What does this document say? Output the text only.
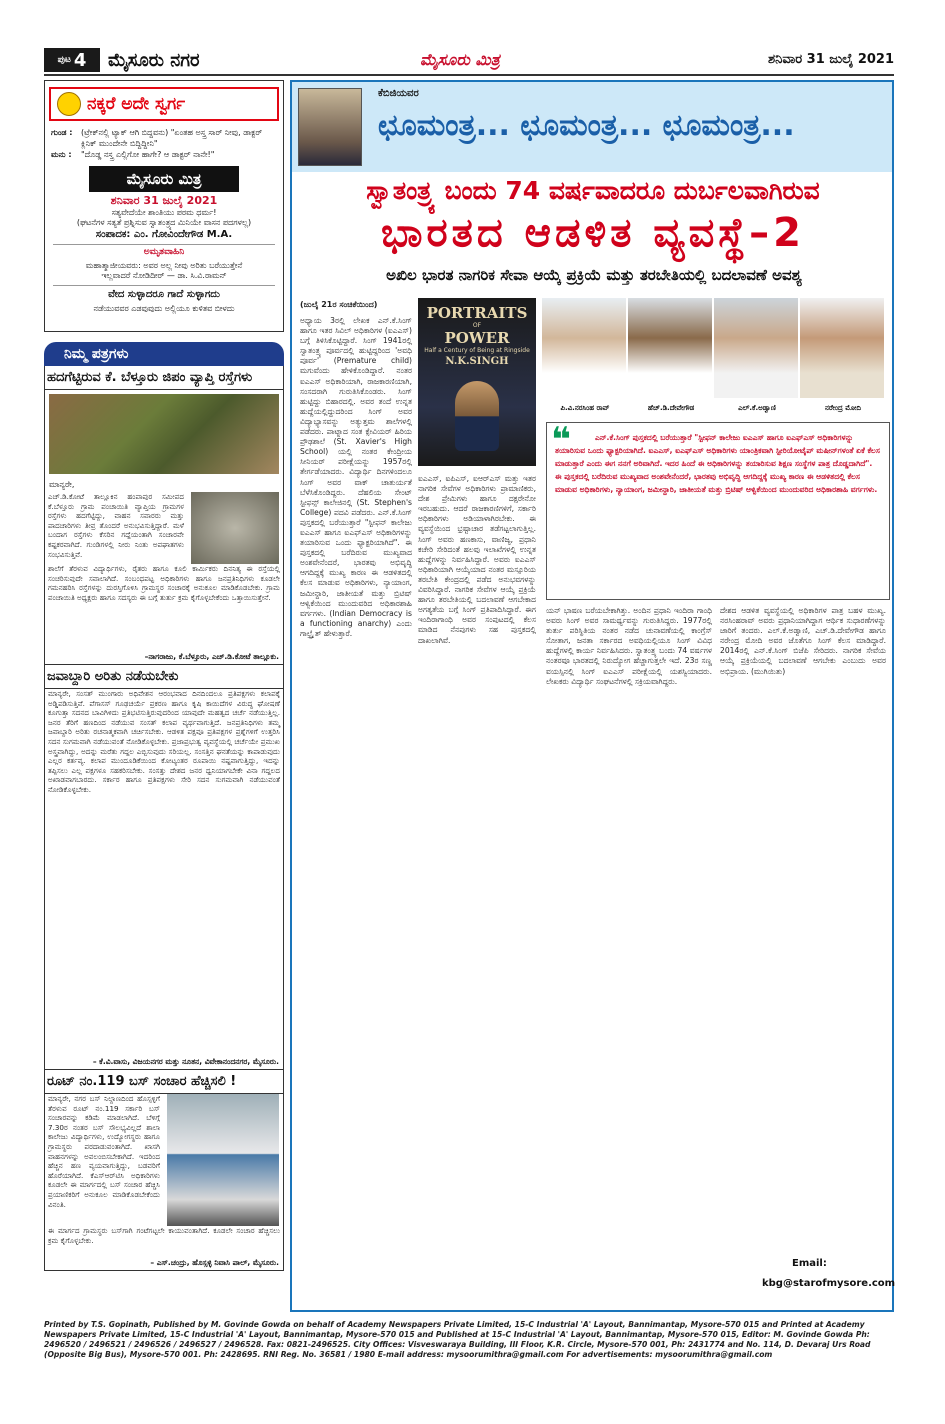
ಪುಟ 4 ಮೈಸೂರು ನಗರ	ಮೈಸೂರು ಮಿತ್ರ	ಶನಿವಾರ 31 ಜುಲೈ 2021
ನಕ್ಕರೆ ಅದೇ ಸ್ವರ್ಗ
ಗುಂಡ :	(ಟ್ರೇಕ್‌ನಲ್ಲಿ ಟ್ಯಾಕ್ ಆಗಿ ಬಿದ್ದವನು) "ಏಂತಹ ಅಸ್ತ್ರ ಸಾರ್ ನೀವು, ಡಾಕ್ಟರ್ ಕ್ಲಿನಿಕ್ ಮುಂದೇನೇ ಬಿದ್ದಿದ್ದೀನಿ"
ಮನು :	"ದೊಡ್ಡ ನಸ್ತ್ರ ಎಲ್ಲಿಗೋ ಹಾಗೇ? ಆ ಡಾಕ್ಟರ್ ನಾನೇ!"
ಮೈಸೂರು ಮಿತ್ರ
ಶನಿವಾರ 31 ಜುಲೈ 2021
ಸತ್ಯವೇದೆಯೇ ಶಾಂತಿಯು ಪರಮ ಧರ್ಮ!
(ಘಟನೆಗಳ ಸತ್ಯತೆ ಪ್ರಶ್ನಿಸುವ ಸ್ವಾತಂತ್ರ್ಯದ ಮಿನಿಯೇ ವಾಸನ ಪದಗಳಲ್ಲ)
ಸಂಪಾದಕ: ಎಂ. ಗೋವಿಂದೇಗೌಡ M.A.
ಅಮೃತವಾಹಿನಿ
ಮಹಾತ್ಮಾಜೀಯವರು: ಅವರ ಅಲ್ಲ ನೀವು ಅರಿತು ಬರೆಯುತ್ತೇನೆ
ಇಲ್ಲವಾದರೆ ನೋಡಿದೀರ್ — ಡಾ. ಸಿ.ವಿ.ರಾಮನ್
ವೇದ ಸುಳ್ಳಾದರೂ ಗಾದೆ ಸುಳ್ಳಾಗದು
ನಡೆಯುವವರ ಎಡವುವುದು ಅಲ್ಲಿಯೂ ಕುಳಿತವ ಬೀಳದು
ನಿಮ್ಮ ಪತ್ರಗಳು
ಹದಗೆಟ್ಟಿರುವ ಕೆ. ಬೆಳ್ತೂರು ಜಿಪಂ ವ್ಯಾಪ್ತಿ ರಸ್ತೆಗಳು
ಮಾನ್ಯರೇ,
ಎಚ್.ಡಿ.ಕೋಟೆ ತಾಲ್ಲೂಕಿನ ಹಂಪಾಪುರ ಸಮೀಪದ ಕೆ.ಬೆಳ್ತೂರು ಗ್ರಾಮ ಪಂಚಾಯಿತಿ ವ್ಯಾಪ್ತಿಯ ಗ್ರಾಮಗಳ ರಸ್ತೆಗಳು ಹದಗೆಟ್ಟಿದ್ದು, ವಾಹನ ಸವಾರರು ಮತ್ತು ಪಾದಚಾರಿಗಳು ತೀವ್ರ ತೊಂದರೆ ಅನುಭವಿಸುತ್ತಿದ್ದಾರೆ. ಮಳೆ ಬಂದಾಗ ರಸ್ತೆಗಳು ಕೆಸರಿನ ಗದ್ದೆಯಂತಾಗಿ ಸಂಚಾರವೇ ಕಷ್ಟಕರವಾಗಿದೆ. ಗುಂಡಿಗಳಲ್ಲಿ ನೀರು ನಿಂತು ಅಪಘಾತಗಳು ಸಂಭವಿಸುತ್ತಿವೆ.
ಶಾಲೆಗೆ ತೆರಳುವ ವಿದ್ಯಾರ್ಥಿಗಳು, ರೈತರು ಹಾಗೂ ಕೂಲಿ ಕಾರ್ಮಿಕರು ದಿನನಿತ್ಯ ಈ ರಸ್ತೆಯಲ್ಲಿ ಸಂಚರಿಸುವುದೇ ಸವಾಲಾಗಿದೆ. ಸಂಬಂಧಪಟ್ಟ ಅಧಿಕಾರಿಗಳು ಹಾಗೂ ಜನಪ್ರತಿನಿಧಿಗಳು ಕೂಡಲೇ ಗಮನಹರಿಸಿ ರಸ್ತೆಗಳನ್ನು ದುರಸ್ತಿಗೊಳಿಸಿ ಗ್ರಾಮಸ್ಥರ ಸಂಚಾರಕ್ಕೆ ಅನುಕೂಲ ಮಾಡಿಕೊಡಬೇಕು. ಗ್ರಾಮ ಪಂಚಾಯಿತಿ ಅಧ್ಯಕ್ಷರು ಹಾಗೂ ಸದಸ್ಯರು ಈ ಬಗ್ಗೆ ತುರ್ತು ಕ್ರಮ ಕೈಗೊಳ್ಳಬೇಕೆಂದು ಒತ್ತಾಯಿಸುತ್ತೇನೆ.
–ನಾಗರಾಜು, ಕೆ.ಬೆಳ್ತೂರು, ಎಚ್.ಡಿ.ಕೋಟೆ ತಾಲ್ಲೂಕು.
ಜವಾಬ್ದಾರಿ ಅರಿತು ನಡೆಯಬೇಕು
ಮಾನ್ಯರೇ, ಸಂಸತ್ ಮುಂಗಾರು ಅಧಿವೇಶನ ಆರಂಭವಾದ ದಿನದಿಂದಲೂ ಪ್ರತಿಪಕ್ಷಗಳು ಕಲಾಪಕ್ಕೆ ಅಡ್ಡಿಪಡಿಸುತ್ತಿವೆ. ಪೆಗಾಸಸ್ ಗೂಢಚರ್ಯೆ ಪ್ರಕರಣ ಹಾಗೂ ಕೃಷಿ ಕಾಯಿದೆಗಳ ವಿರುದ್ಧ ಘೋಷಣೆ ಕೂಗುತ್ತಾ ಸದನದ ಬಾವಿಗಿಳಿದು ಪ್ರತಿಭಟಿಸುತ್ತಿರುವುದರಿಂದ ಯಾವುದೇ ಮಹತ್ವದ ಚರ್ಚೆ ನಡೆಯುತ್ತಿಲ್ಲ. ಜನರ ತೆರಿಗೆ ಹಣದಿಂದ ನಡೆಯುವ ಸಂಸತ್ ಕಲಾಪ ವ್ಯರ್ಥವಾಗುತ್ತಿದೆ. ಜನಪ್ರತಿನಿಧಿಗಳು ತಮ್ಮ ಜವಾಬ್ದಾರಿ ಅರಿತು ರಚನಾತ್ಮಕವಾಗಿ ಚರ್ಚಿಸಬೇಕು. ಆಡಳಿತ ಪಕ್ಷವೂ ಪ್ರತಿಪಕ್ಷಗಳ ಪ್ರಶ್ನೆಗಳಿಗೆ ಉತ್ತರಿಸಿ ಸದನ ಸುಗಮವಾಗಿ ನಡೆಯುವಂತೆ ನೋಡಿಕೊಳ್ಳಬೇಕು. ಪ್ರಜಾಪ್ರಭುತ್ವ ವ್ಯವಸ್ಥೆಯಲ್ಲಿ ಚರ್ಚೆಯೇ ಪ್ರಮುಖ ಅಸ್ತ್ರವಾಗಿದ್ದು, ಅದನ್ನು ಮರೆತು ಗದ್ದಲ ಎಬ್ಬಿಸುವುದು ಸರಿಯಲ್ಲ. ಸಂಸತ್ತಿನ ಘನತೆಯನ್ನು ಕಾಪಾಡುವುದು ಎಲ್ಲರ ಕರ್ತವ್ಯ. ಕಲಾಪ ಮುಂದೂಡಿಕೆಯಿಂದ ಕೋಟ್ಯಂತರ ರೂಪಾಯಿ ನಷ್ಟವಾಗುತ್ತಿದ್ದು, ಇದನ್ನು ತಪ್ಪಿಸಲು ಎಲ್ಲ ಪಕ್ಷಗಳೂ ಸಹಕರಿಸಬೇಕು. ಸಂಸತ್ತು ದೇಶದ ಜನರ ಧ್ವನಿಯಾಗಬೇಕೇ ವಿನಾ ಗದ್ದಲದ ಅಖಾಡವಾಗಬಾರದು. ಸರ್ಕಾರ ಹಾಗೂ ಪ್ರತಿಪಕ್ಷಗಳು ಸೇರಿ ಸದನ ಸುಗಮವಾಗಿ ನಡೆಯುವಂತೆ ನೋಡಿಕೊಳ್ಳಬೇಕು.
– ಕೆ.ವಿ.ವಾಸು, ವಿಜಯನಗರ ಮತ್ತು ನೂತನ, ವಿವೇಕಾನಂದನಗರ, ಮೈಸೂರು.
ರೂಟ್ ನಂ.119 ಬಸ್ ಸಂಚಾರ ಹೆಚ್ಚಿಸಲಿ !
ಮಾನ್ಯರೇ, ನಗರ ಬಸ್ ನಿಲ್ದಾಣದಿಂದ ಹೊಸ್ಸಳ್ಳಿಗೆ ತೆರಳುವ ರೂಟ್ ನಂ.119 ಸರ್ಕಾರಿ ಬಸ್ ಸಂಚಾರವನ್ನು ಕಡಿಮೆ ಮಾಡಲಾಗಿದೆ. ಬೆಳಿಗ್ಗೆ 7.30ರ ನಂತರ ಬಸ್ ಸೌಲಭ್ಯವಿಲ್ಲದೆ ಶಾಲಾ ಕಾಲೇಜು ವಿದ್ಯಾರ್ಥಿಗಳು, ಉದ್ಯೋಗಸ್ಥರು ಹಾಗೂ ಗ್ರಾಮಸ್ಥರು ಪರದಾಡುವಂತಾಗಿದೆ. ಖಾಸಗಿ ವಾಹನಗಳನ್ನು ಅವಲಂಬಿಸಬೇಕಾಗಿದೆ. ಇದರಿಂದ ಹೆಚ್ಚಿನ ಹಣ ವ್ಯಯವಾಗುತ್ತಿದ್ದು, ಬಡವರಿಗೆ ಹೊರೆಯಾಗಿದೆ. ಕೆಎಸ್ಆರ್‌ಟಿಸಿ ಅಧಿಕಾರಿಗಳು ಕೂಡಲೇ ಈ ಮಾರ್ಗದಲ್ಲಿ ಬಸ್ ಸಂಚಾರ ಹೆಚ್ಚಿಸಿ ಪ್ರಯಾಣಿಕರಿಗೆ ಅನುಕೂಲ ಮಾಡಿಕೊಡಬೇಕೆಂದು ವಿನಂತಿ.
ಈ ಮಾರ್ಗದ ಗ್ರಾಮಸ್ಥರು ಬಸ್‌ಗಾಗಿ ಗಂಟೆಗಟ್ಟಲೇ ಕಾಯುವಂತಾಗಿದೆ. ಕೂಡಲೇ ಸಂಚಾರ ಹೆಚ್ಚಿಸಲು ಕ್ರಮ ಕೈಗೊಳ್ಳಬೇಕು.
– ಎಸ್.ಚಂದ್ರು, ಹೊಸ್ಸಳ್ಳಿ ನಿವಾಸಿ ಪಾಲ್, ಮೈಸೂರು.
ಕೆಬಿಜಿಯವರ
ಛೂಮಂತ್ರ... ಛೂಮಂತ್ರ... ಛೂಮಂತ್ರ...
ಸ್ವಾತಂತ್ರ್ಯ ಬಂದು 74 ವರ್ಷವಾದರೂ ದುರ್ಬಲವಾಗಿರುವ
ಭಾರತದ ಆಡಳಿತ ವ್ಯವಸ್ಥೆ–2
ಅಖಿಲ ಭಾರತ ನಾಗರಿಕ ಸೇವಾ ಆಯ್ಕೆ ಪ್ರಕ್ರಿಯೆ ಮತ್ತು ತರಬೇತಿಯಲ್ಲಿ ಬದಲಾವಣೆ ಅವಶ್ಯ
(ಜುಲೈ 21ರ ಸಂಚಿಕೆಯಿಂದ)
ಅಧ್ಯಾಯ 3ರಲ್ಲಿ ಲೇಖಕ ಎನ್.ಕೆ.ಸಿಂಗ್ ಹಾಗೂ ಇತರ ಸಿವಿಲ್ ಅಧಿಕಾರಿಗಳ (ಐಎಎಸ್) ಬಗ್ಗೆ ತಿಳಿಸಿಕೊಟ್ಟಿದ್ದಾರೆ. ಸಿಂಗ್ 1941ರಲ್ಲಿ ಸ್ವಾತಂತ್ರ್ಯ ಪೂರ್ವದಲ್ಲಿ ಹುಟ್ಟಿದ್ದರಿಂದ 'ಅವಧಿ ಪೂರ್ವ' (Premature child) ಮಗುವೆಂದು ಹೇಳಿಕೊಂಡಿದ್ದಾರೆ. ನಂತರ ಐಎಎಸ್ ಅಧಿಕಾರಿಯಾಗಿ, ರಾಜಕಾರಣಿಯಾಗಿ, ಸಂಸದರಾಗಿ ಗುರುತಿಸಿಕೊಂಡರು. ಸಿಂಗ್ ಹುಟ್ಟಿದ್ದು ಬಿಹಾರದಲ್ಲಿ. ಅವರ ತಂದೆ ಉನ್ನತ ಹುದ್ದೆಯಲ್ಲಿದ್ದುದರಿಂದ ಸಿಂಗ್ ಅವರ ವಿದ್ಯಾಭ್ಯಾಸವನ್ನು ಅತ್ಯುತ್ತಮ ಶಾಲೆಗಳಲ್ಲಿ ಪಡೆದರು. ಪಾಟ್ನಾದ ಸಂತ ಕ್ಸೇವಿಯರ್ ಹಿರಿಯ ಪ್ರೌಢಶಾಲೆ (St. Xavier's High School) ಯಲ್ಲಿ ನಂತರ ಕೇಂದ್ರೀಯ ಸೀನಿಯರ್ ಪರೀಕ್ಷೆಯನ್ನು 1957ರಲ್ಲಿ ತೇರ್ಗಡೆಯಾದರು. ವಿದ್ಯಾರ್ಥಿ ದಿನಗಳಿಂದಲೂ ಸಿಂಗ್ ಅವರ ವಾಕ್ ಚಾತುರ್ಯತೆ ಬೆಳೆಸಿಕೊಂಡಿದ್ದರು. ದೆಹಲಿಯ ಸೇಂಟ್ ಸ್ಟೀಫನ್ಸ್ ಕಾಲೇಜಿನಲ್ಲಿ (St. Stephen's College) ಪದವಿ ಪಡೆದರು. ಎನ್.ಕೆ.ಸಿಂಗ್ ಪುಸ್ತಕದಲ್ಲಿ ಬರೆಯುತ್ತಾರೆ "ಸ್ಟೀಫನ್ ಕಾಲೇಜು ಐಎಎಸ್ ಹಾಗೂ ಐಎಫ್‌ಎಸ್ ಅಧಿಕಾರಿಗಳನ್ನು ತಯಾರಿಸುವ ಒಂದು ಫ್ಯಾಕ್ಟರಿಯಾಗಿದೆ". ಈ ಪುಸ್ತಕದಲ್ಲಿ ಬರೆದಿರುವ ಮುಖ್ಯವಾದ ಅಂಶವೇನೆಂದರೆ, ಭಾರತವು ಅಭಿವೃದ್ಧಿ ಆಗದಿದ್ದಕ್ಕೆ ಮುಖ್ಯ ಕಾರಣ ಈ ಆಡಳಿತದಲ್ಲಿ ಕೆಲಸ ಮಾಡುವ ಅಧಿಕಾರಿಗಳು, ನ್ಯಾಯಾಂಗ, ಜಮೀನ್ದಾರಿ, ಜಾತೀಯತೆ ಮತ್ತು ಬ್ರಿಟಿಷ್ ಆಳ್ವಿಕೆಯಿಂದ ಮುಂದುವರಿದ ಅಧಿಕಾರಶಾಹಿ ವರ್ಗಗಳು. (Indian Democracy is a functioning anarchy) ಎಂದು ಗಾಲ್ಬ್ರೈತ್ ಹೇಳುತ್ತಾರೆ.
PORTRAITS
OF
POWER
Half a Century of Being at Ringside
N.K.SINGH
ಐಎಎಸ್, ಐಪಿಎಸ್, ಐಆರ್‌ಎಸ್ ಮತ್ತು ಇತರ ನಾಗರಿಕ ಸೇವೆಗಳ ಅಧಿಕಾರಿಗಳು ಪ್ರಾಮಾಣಿಕರು, ದೇಶ ಪ್ರೇಮಿಗಳು ಹಾಗೂ ದಕ್ಷರೇನೋ ಇರಬಹುದು. ಆದರೆ ರಾಜಕಾರಣಿಗಳಿಗೆ, ಸರ್ಕಾರಿ ಅಧಿಕಾರಿಗಳು ಅಡಿಯಾಳಾಗಿರಬೇಕು. ಈ ವ್ಯವಸ್ಥೆಯಿಂದ ಭ್ರಷ್ಟಾಚಾರ ತಡೆಗಟ್ಟಲಾಗುತ್ತಿಲ್ಲ. ಸಿಂಗ್ ಅವರು ಹಣಕಾಸು, ವಾಣಿಜ್ಯ, ಪ್ರಧಾನಿ ಕಚೇರಿ ಸೇರಿದಂತೆ ಹಲವು ಇಲಾಖೆಗಳಲ್ಲಿ ಉನ್ನತ ಹುದ್ದೆಗಳನ್ನು ನಿರ್ವಹಿಸಿದ್ದಾರೆ. ಅವರು ಐಎಎಸ್ ಅಧಿಕಾರಿಯಾಗಿ ಆಯ್ಕೆಯಾದ ನಂತರ ಮಸ್ಸೂರಿಯ ತರಬೇತಿ ಕೇಂದ್ರದಲ್ಲಿ ಪಡೆದ ಅನುಭವಗಳನ್ನು ವಿವರಿಸಿದ್ದಾರೆ. ನಾಗರಿಕ ಸೇವೆಗಳ ಆಯ್ಕೆ ಪ್ರಕ್ರಿಯೆ ಹಾಗೂ ತರಬೇತಿಯಲ್ಲಿ ಬದಲಾವಣೆ ಆಗಬೇಕಾದ ಅಗತ್ಯತೆಯ ಬಗ್ಗೆ ಸಿಂಗ್ ಪ್ರತಿಪಾದಿಸಿದ್ದಾರೆ. ಈಗ ಇಂದಿರಾಗಾಂಧಿ ಅವರ ಸಂಪುಟದಲ್ಲಿ ಕೆಲಸ ಮಾಡಿದ ನೆನಪುಗಳು ಸಹ ಪುಸ್ತಕದಲ್ಲಿ ದಾಖಲಾಗಿವೆ.
ಪಿ.ವಿ.ನರಸಿಂಹ ರಾವ್	ಹೆಚ್.ಡಿ.ದೇವೇಗೌಡ	ಎಲ್.ಕೆ.ಅಡ್ವಾಣಿ	ನರೇಂದ್ರ ಮೋದಿ
❝	ಎನ್.ಕೆ.ಸಿಂಗ್ ಪುಸ್ತಕದಲ್ಲಿ ಬರೆಯುತ್ತಾರೆ "ಸ್ಟೀಫನ್ ಕಾಲೇಜು ಐಎಎಸ್ ಹಾಗೂ ಐಎಫ್‌ಎಸ್ ಅಧಿಕಾರಿಗಳನ್ನು ತಯಾರಿಸುವ ಒಂದು ಫ್ಯಾಕ್ಟರಿಯಾಗಿದೆ. ಐಎಎಸ್, ಐಎಫ್‌ಎಸ್ ಅಧಿಕಾರಿಗಳು ಯಾಂತ್ರಿಕವಾಗಿ ಸ್ಟೀರಿಯೋಟೈಪ್ ಮಷೀನ್‌ಗಳಂತೆ ಏಕೆ ಕೆಲಸ ಮಾಡುತ್ತಾರೆ ಎಂದು ಈಗ ನನಗೆ ಅರಿವಾಗಿದೆ. ಇದರ ಹಿಂದೆ ಈ ಅಧಿಕಾರಿಗಳನ್ನು ತಯಾರಿಸುವ ಶಿಕ್ಷಣ ಸಂಸ್ಥೆಗಳ ಪಾತ್ರ ದೊಡ್ಡದಾಗಿದೆ". ಈ ಪುಸ್ತಕದಲ್ಲಿ ಬರೆದಿರುವ ಮುಖ್ಯವಾದ ಅಂಶವೇನೆಂದರೆ, ಭಾರತವು ಅಭಿವೃದ್ಧಿ ಆಗದಿದ್ದಕ್ಕೆ ಮುಖ್ಯ ಕಾರಣ ಈ ಆಡಳಿತದಲ್ಲಿ ಕೆಲಸ ಮಾಡುವ ಅಧಿಕಾರಿಗಳು, ನ್ಯಾಯಾಂಗ, ಜಮೀನ್ದಾರಿ, ಜಾತೀಯತೆ ಮತ್ತು ಬ್ರಿಟಿಷ್ ಆಳ್ವಿಕೆಯಿಂದ ಮುಂದುವರಿದ ಅಧಿಕಾರಶಾಹಿ ವರ್ಗಗಳು.
ಯನ್ ಭಾಷಣ ಬರೆಯಬೇಕಾಗಿತ್ತು. ಅಂದಿನ ಪ್ರಧಾನಿ ಇಂದಿರಾ ಗಾಂಧಿ ಅವರು ಸಿಂಗ್ ಅವರ ಸಾಮರ್ಥ್ಯವನ್ನು ಗುರುತಿಸಿದ್ದರು. 1977ರಲ್ಲಿ ತುರ್ತು ಪರಿಸ್ಥಿತಿಯ ನಂತರ ನಡೆದ ಚುನಾವಣೆಯಲ್ಲಿ ಕಾಂಗ್ರೆಸ್ ಸೋತಾಗ, ಜನತಾ ಸರ್ಕಾರದ ಅವಧಿಯಲ್ಲಿಯೂ ಸಿಂಗ್ ವಿವಿಧ ಹುದ್ದೆಗಳಲ್ಲಿ ಕಾರ್ಯ ನಿರ್ವಹಿಸಿದರು. ಸ್ವಾತಂತ್ರ್ಯ ಬಂದು 74 ವರ್ಷಗಳ ನಂತರವೂ ಭಾರತದಲ್ಲಿ ನಿರುದ್ಯೋಗ ಹೆಚ್ಚಾಗುತ್ತಲೇ ಇದೆ. 23ರ ಸಣ್ಣ ವಯಸ್ಸಿನಲ್ಲಿ ಸಿಂಗ್ ಐಎಎಸ್ ಪರೀಕ್ಷೆಯಲ್ಲಿ ಯಶಸ್ವಿಯಾದರು. ಲೇಖಕರು ವಿದ್ಯಾರ್ಥಿ ಸಂಘಟನೆಗಳಲ್ಲಿ ಸಕ್ರಿಯವಾಗಿದ್ದರು.
ದೇಶದ ಆಡಳಿತ ವ್ಯವಸ್ಥೆಯಲ್ಲಿ ಅಧಿಕಾರಿಗಳ ಪಾತ್ರ ಬಹಳ ಮುಖ್ಯ. ನರಸಿಂಹರಾವ್ ಅವರು ಪ್ರಧಾನಿಯಾಗಿದ್ದಾಗ ಆರ್ಥಿಕ ಸುಧಾರಣೆಗಳನ್ನು ಜಾರಿಗೆ ತಂದರು. ಎಲ್.ಕೆ.ಅಡ್ವಾಣಿ, ಎಚ್.ಡಿ.ದೇವೇಗೌಡ ಹಾಗೂ ನರೇಂದ್ರ ಮೋದಿ ಅವರ ಜೊತೆಗೂ ಸಿಂಗ್ ಕೆಲಸ ಮಾಡಿದ್ದಾರೆ. 2014ರಲ್ಲಿ ಎನ್.ಕೆ.ಸಿಂಗ್ ಬಿಜೆಪಿ ಸೇರಿದರು. ನಾಗರಿಕ ಸೇವೆಯ ಆಯ್ಕೆ ಪ್ರಕ್ರಿಯೆಯಲ್ಲಿ ಬದಲಾವಣೆ ಆಗಬೇಕು ಎಂಬುದು ಅವರ ಅಭಿಪ್ರಾಯ. (ಮುಗಿಯಿತು)
Email:
kbg@starofmysore.com
Printed by T.S. Gopinath, Published by M. Govinde Gowda on behalf of Academy Newspapers Private Limited, 15-C Industrial 'A' Layout, Bannimantap, Mysore-570 015 and Printed at Academy Newspapers Private Limited, 15-C Industrial 'A' Layout, Bannimantap, Mysore-570 015 and Published at 15-C Industrial 'A' Layout, Bannimantap, Mysore-570 015, Editor: M. Govinde Gowda Ph: 2496520 / 2496521 / 2496526 / 2496527 / 2496528. Fax: 0821-2496525. City Offices: Visveswaraya Building, III Floor, K.R. Circle, Mysore-570 001, Ph: 2431774 and No. 114, D. Devaraj Urs Road (Opposite Big Bus), Mysore-570 001. Ph: 2428695. RNI Reg. No. 36581 / 1980 E-mail address: mysoorumithra@gmail.com For advertisements: mysoorumithra@gmail.com
